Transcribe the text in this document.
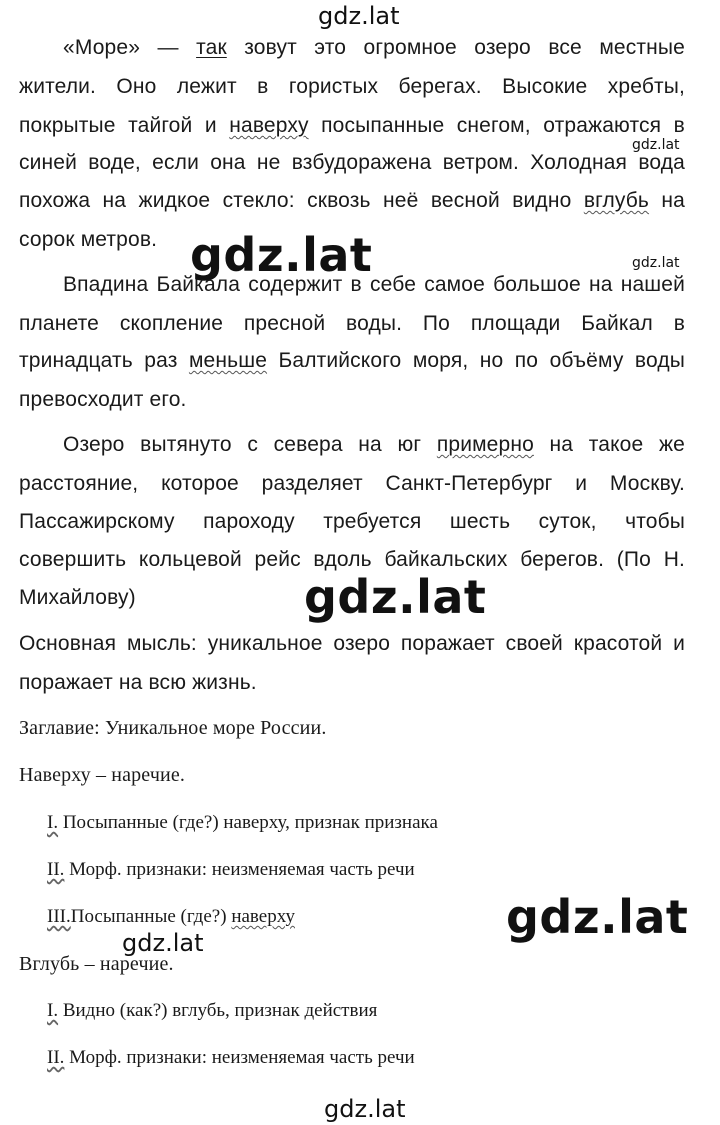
gdz.lat
gdz.lat
gdz.lat	gdz.lat
gdz.lat
gdz.lat
gdz.lat
gdz.lat
«Море» — так зовут это огромное озеро все местные
жители. Оно лежит в гористых берегах. Высокие хребты,
покрытые тайгой и наверху посыпанные снегом, отражаются в
синей воде, если она не взбудоражена ветром. Холодная вода
похожа на жидкое стекло: сквозь неё весной видно вглубь на
сорок метров.
Впадина Байкала содержит в себе самое большое на нашей
планете скопление пресной воды. По площади Байкал в
тринадцать раз меньше Балтийского моря, но по объёму воды
превосходит его.
Озеро вытянуто с севера на юг примерно на такое же
расстояние, которое разделяет Санкт-Петербург и Москву.
Пассажирскому пароходу требуется шесть суток, чтобы
совершить кольцевой рейс вдоль байкальских берегов. (По Н.
Михайлову)
Основная мысль: уникальное озеро поражает своей красотой и
поражает на всю жизнь.
Заглавие: Уникальное море России.
Наверху – наречие.
I. Посыпанные (где?) наверху, признак признака
II. Морф. признаки: неизменяемая часть речи
III.Посыпанные (где?) наверху
Вглубь – наречие.
I. Видно (как?) вглубь, признак действия
II. Морф. признаки: неизменяемая часть речи
